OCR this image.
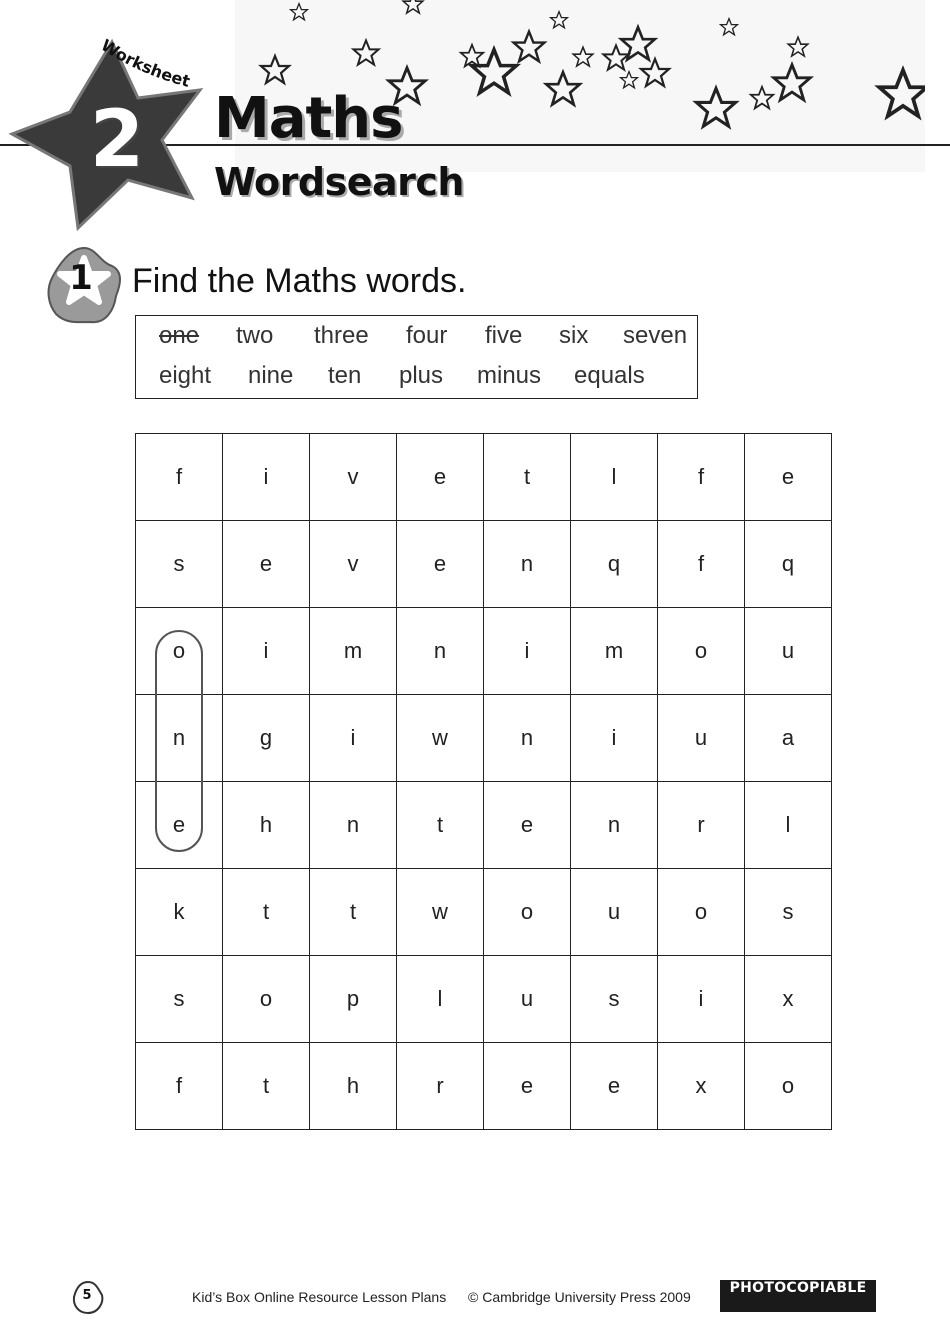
Worksheet
2 Maths
Wordsearch
1	Find the Maths words.
one two three four five six seven
eight nine ten plus minus equals
f	i	v	e	t	l	f	e
s	e	v	e	n	q	f	q
o	i	m	n	i	m	o	u
n	g	i	w	n	i	u	a
e	h	n	t	e	n	r	l
k	t	t	w	o	u	o	s
s	o	p	l	u	s	i	x
f	t	h	r	e	e	x	o
5	Kid’s Box Online Resource Lesson Plans © Cambridge University Press 2009
PHOTOCOPIABLE
